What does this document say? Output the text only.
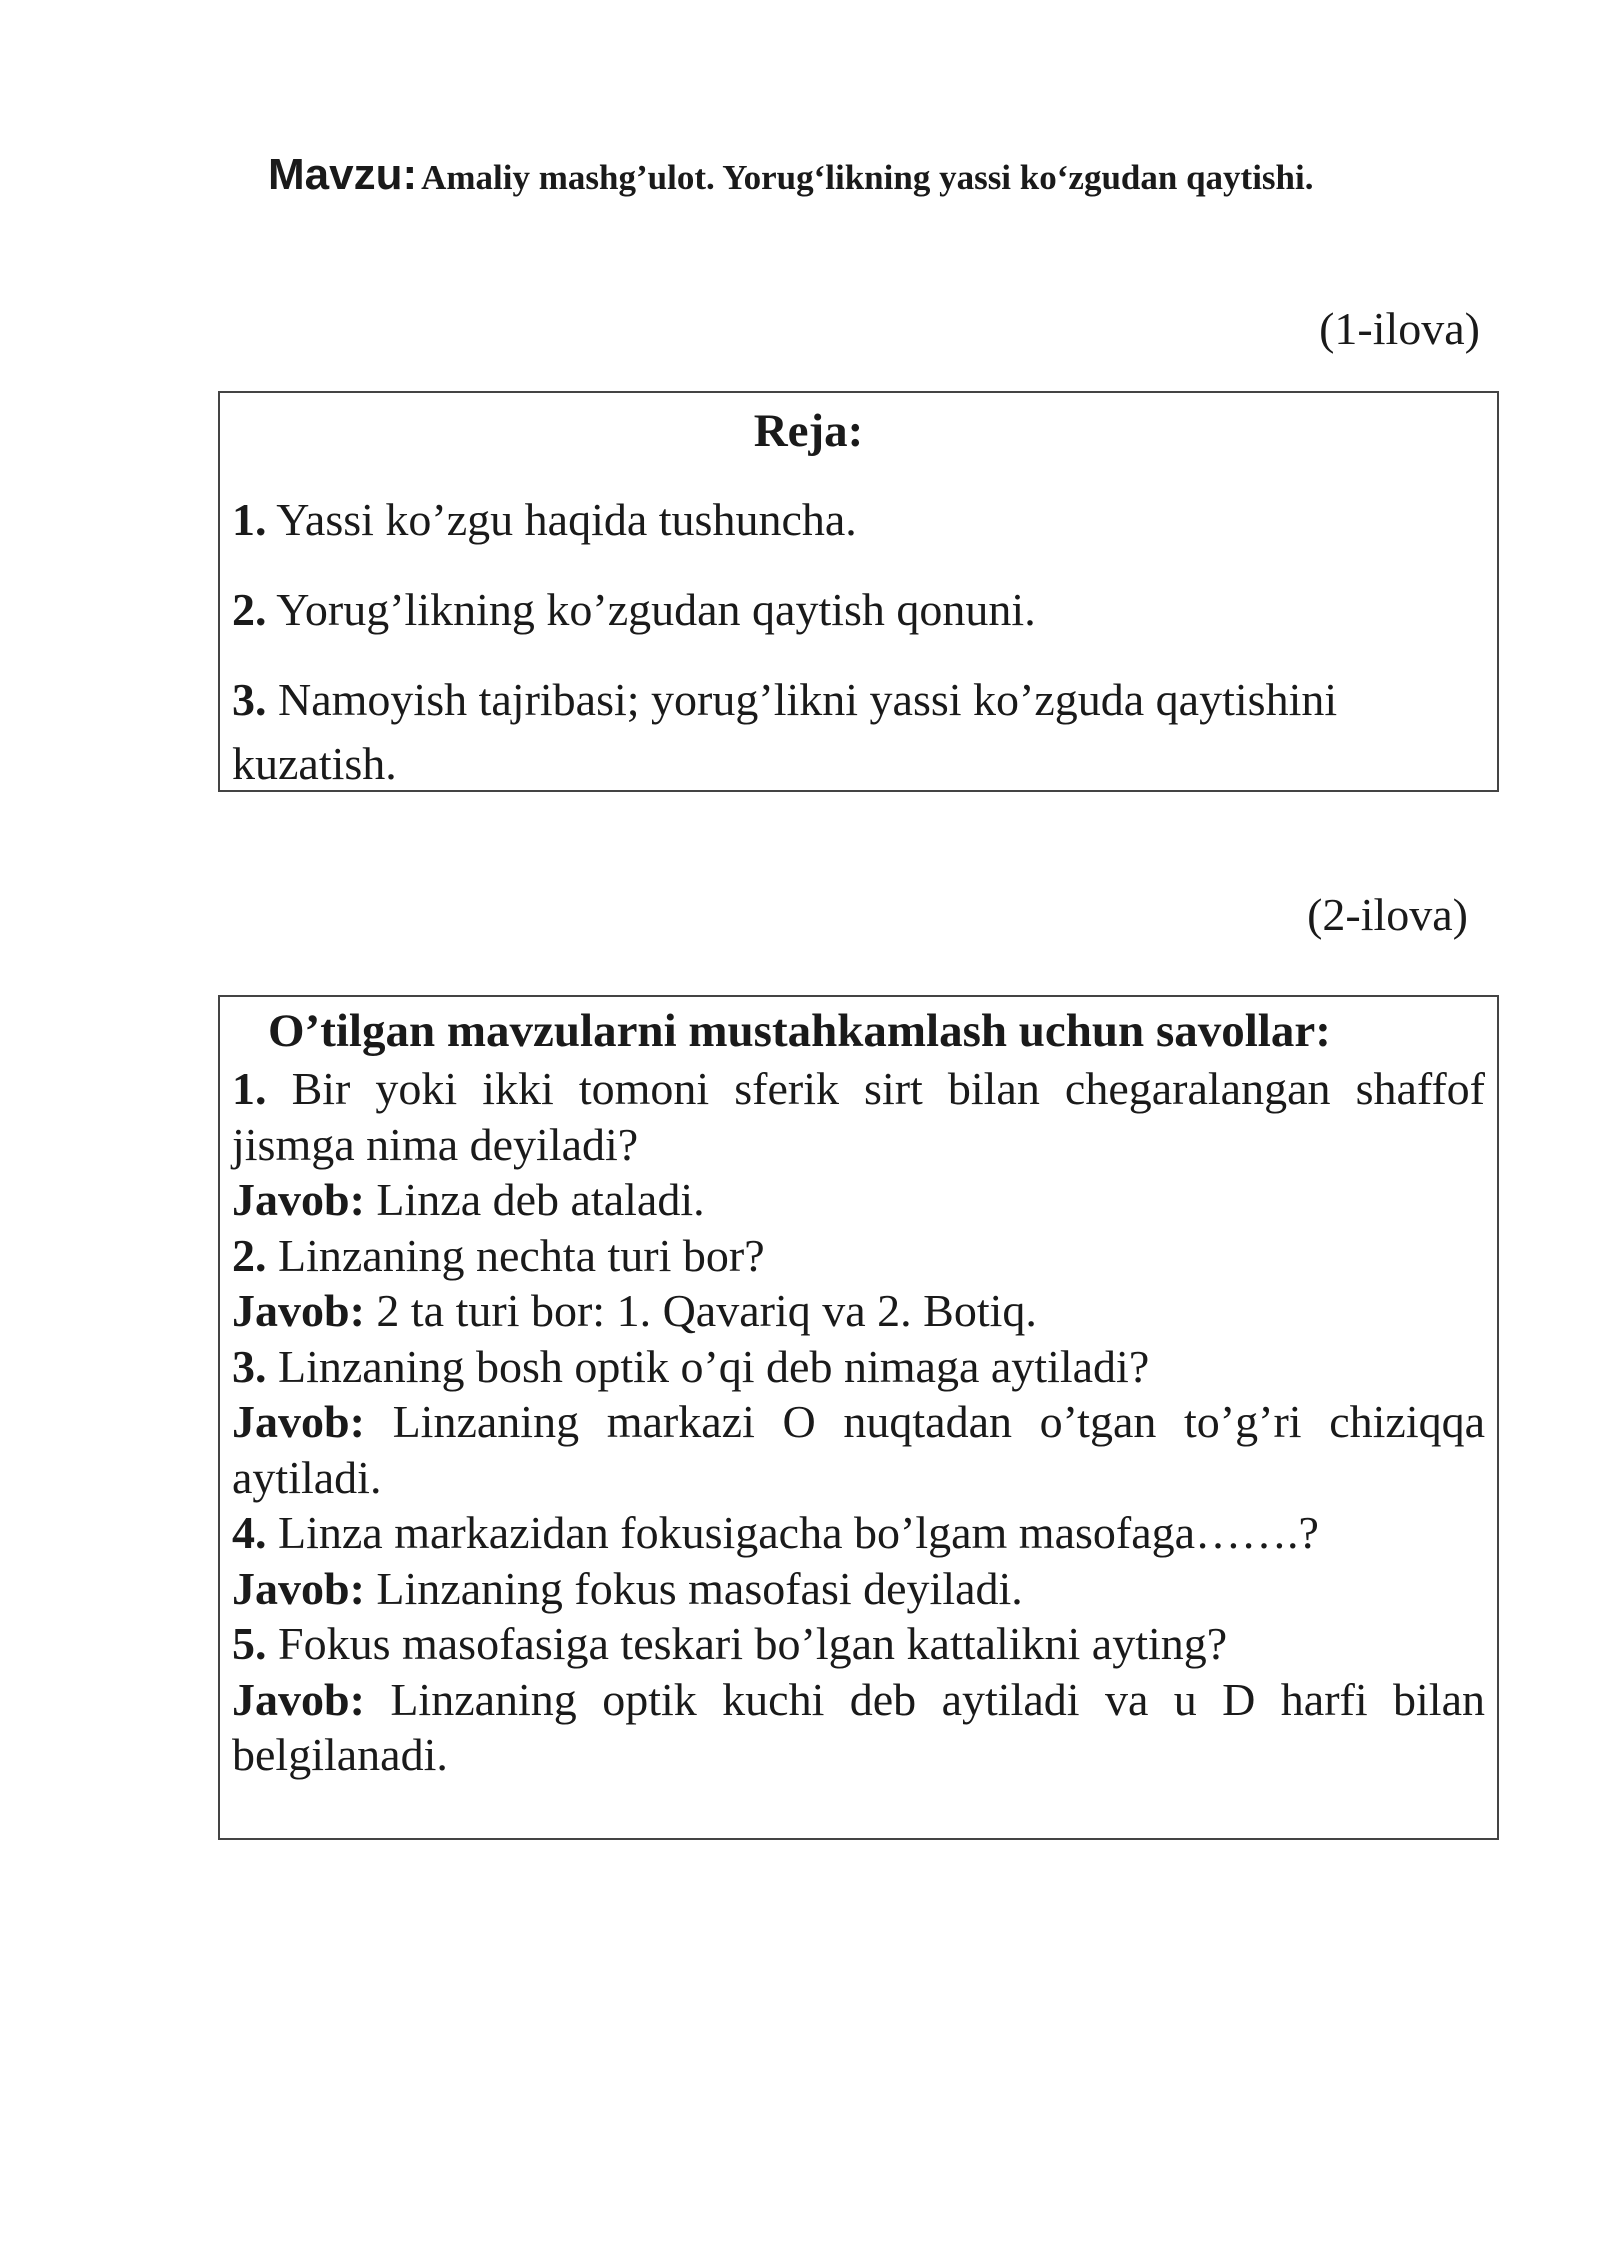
Mavzu: Amaliy mashg’ulot. Yorug‘likning yassi ko‘zgudan qaytishi.
(1-ilova)
Reja:
1. Yassi ko’zgu haqida tushuncha.
2. Yorug’likning ko’zgudan qaytish qonuni.
3. Namoyish tajribasi; yorug’likni yassi ko’zguda qaytishini kuzatish.
(2-ilova)
O’tilgan mavzularni mustahkamlash uchun savollar:
1. Bir yoki ikki tomoni sferik sirt bilan chegaralangan shaffof jismga nima deyiladi?
Javob: Linza deb ataladi.
2. Linzaning nechta turi bor?
Javob: 2 ta turi bor: 1. Qavariq va 2. Botiq.
3. Linzaning bosh optik o’qi deb nimaga aytiladi?
Javob: Linzaning markazi O nuqtadan o’tgan to’g’ri chiziqqa aytiladi.
4. Linza markazidan fokusigacha bo’lgam masofaga…….?
Javob: Linzaning fokus masofasi deyiladi.
5. Fokus masofasiga teskari bo’lgan kattalikni ayting?
Javob: Linzaning optik kuchi deb aytiladi va u D harfi bilan belgilanadi.
